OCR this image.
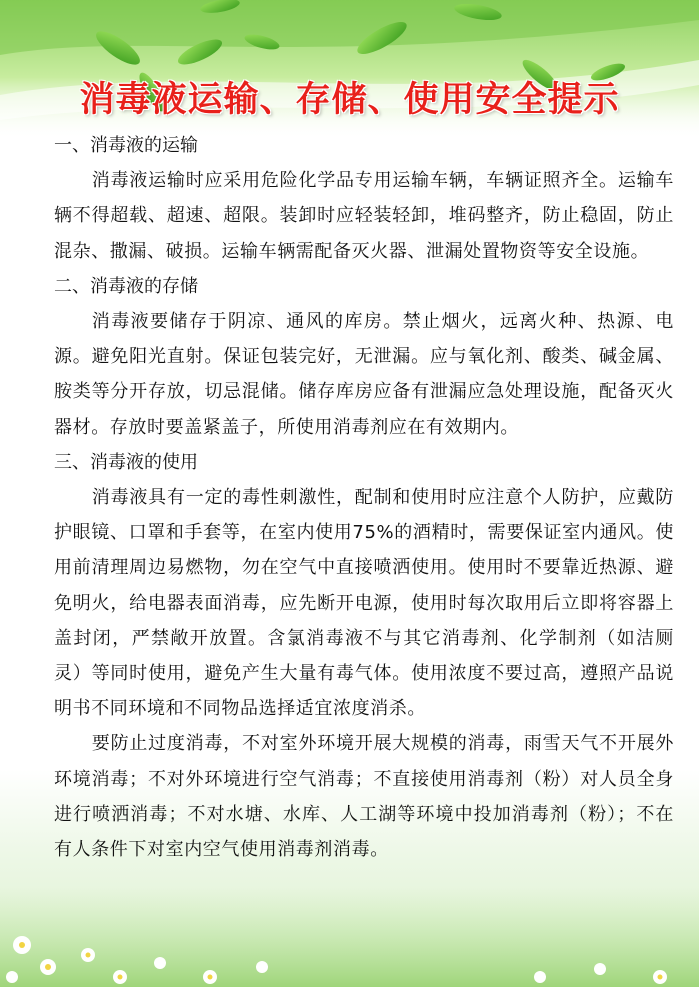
消毒液运输、存储、使用安全提示

一、消毒液的运输

消毒液运输时应采用危险化学品专用运输车辆，车辆证照齐全。运输车辆不得超载、超速、超限。装卸时应轻装轻卸，堆码整齐，防止稳固，防止混杂、撒漏、破损。运输车辆需配备灭火器、泄漏处置物资等安全设施。

二、消毒液的存储

消毒液要储存于阴凉、通风的库房。禁止烟火，远离火种、热源、电源。避免阳光直射。保证包装完好，无泄漏。应与氧化剂、酸类、碱金属、胺类等分开存放，切忌混储。储存库房应备有泄漏应急处理设施，配备灭火器材。存放时要盖紧盖子，所使用消毒剂应在有效期内。

三、消毒液的使用

消毒液具有一定的毒性刺激性，配制和使用时应注意个人防护，应戴防护眼镜、口罩和手套等，在室内使用75%的酒精时，需要保证室内通风。使用前清理周边易燃物，勿在空气中直接喷洒使用。使用时不要靠近热源、避免明火，给电器表面消毒，应先断开电源，使用时每次取用后立即将容器上盖封闭，严禁敞开放置。含氯消毒液不与其它消毒剂、化学制剂（如洁厕灵）等同时使用，避免产生大量有毒气体。使用浓度不要过高，遵照产品说明书不同环境和不同物品选择适宜浓度消杀。

要防止过度消毒，不对室外环境开展大规模的消毒，雨雪天气不开展外环境消毒；不对外环境进行空气消毒；不直接使用消毒剂（粉）对人员全身进行喷洒消毒；不对水塘、水库、人工湖等环境中投加消毒剂（粉）；不在有人条件下对室内空气使用消毒剂消毒。
